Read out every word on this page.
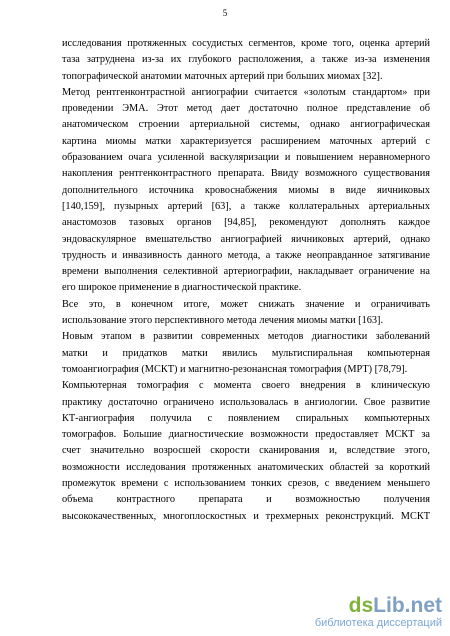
5
исследования протяженных сосудистых сегментов, кроме того, оценка артерий
таза затруднена из-за их глубокого расположения, а также из-за изменения
топографической анатомии маточных артерий при больших миомах [32].
Метод рентгенконтрастной ангиографии считается «золотым стандартом» при
проведении ЭМА. Этот метод дает достаточно полное представление об
анатомическом строении артериальной системы, однако ангиографическая
картина миомы матки характеризуется расширением маточных артерий с
образованием очага усиленной васкуляризации и повышением неравномерного
накопления рентгенконтрастного препарата. Ввиду возможного существования
дополнительного источника кровоснабжения миомы в виде яичниковых
[140,159], пузырных артерий [63], а также коллатеральных артериальных
анастомозов тазовых органов [94,85], рекомендуют дополнять каждое
эндоваскулярное вмешательство ангиографией яичниковых артерий, однако
трудность и инвазивность данного метода, а также неоправданное затягивание
времени выполнения селективной артериографии, накладывает ограничение на
его широкое применение в диагностической практике.
Все это, в конечном итоге, может снижать значение и ограничивать
использование этого перспективного метода лечения миомы матки [163].
Новым этапом в развитии современных методов диагностики заболеваний
матки и придатков матки явились мультиспиральная компьютерная
томоангиография (МСКТ) и магнитно-резонансная томография (МРТ) [78,79].
Компьютерная томография с момента своего внедрения в клиническую
практику достаточно ограничено использовалась в ангиологии. Свое развитие
КТ-ангиография получила с появлением спиральных компьютерных
томографов. Большие диагностические возможности предоставляет МСКТ за
счет значительно возросшей скорости сканирования и, вследствие этого,
возможности исследования протяженных анатомических областей за короткий
промежуток времени с использованием тонких срезов, с введением меньшего
объема контрастного препарата и возможностью получения
высококачественных, многоплоскостных и трехмерных реконструкций. МСКТ
dsLib.net
библиотека диссертаций
